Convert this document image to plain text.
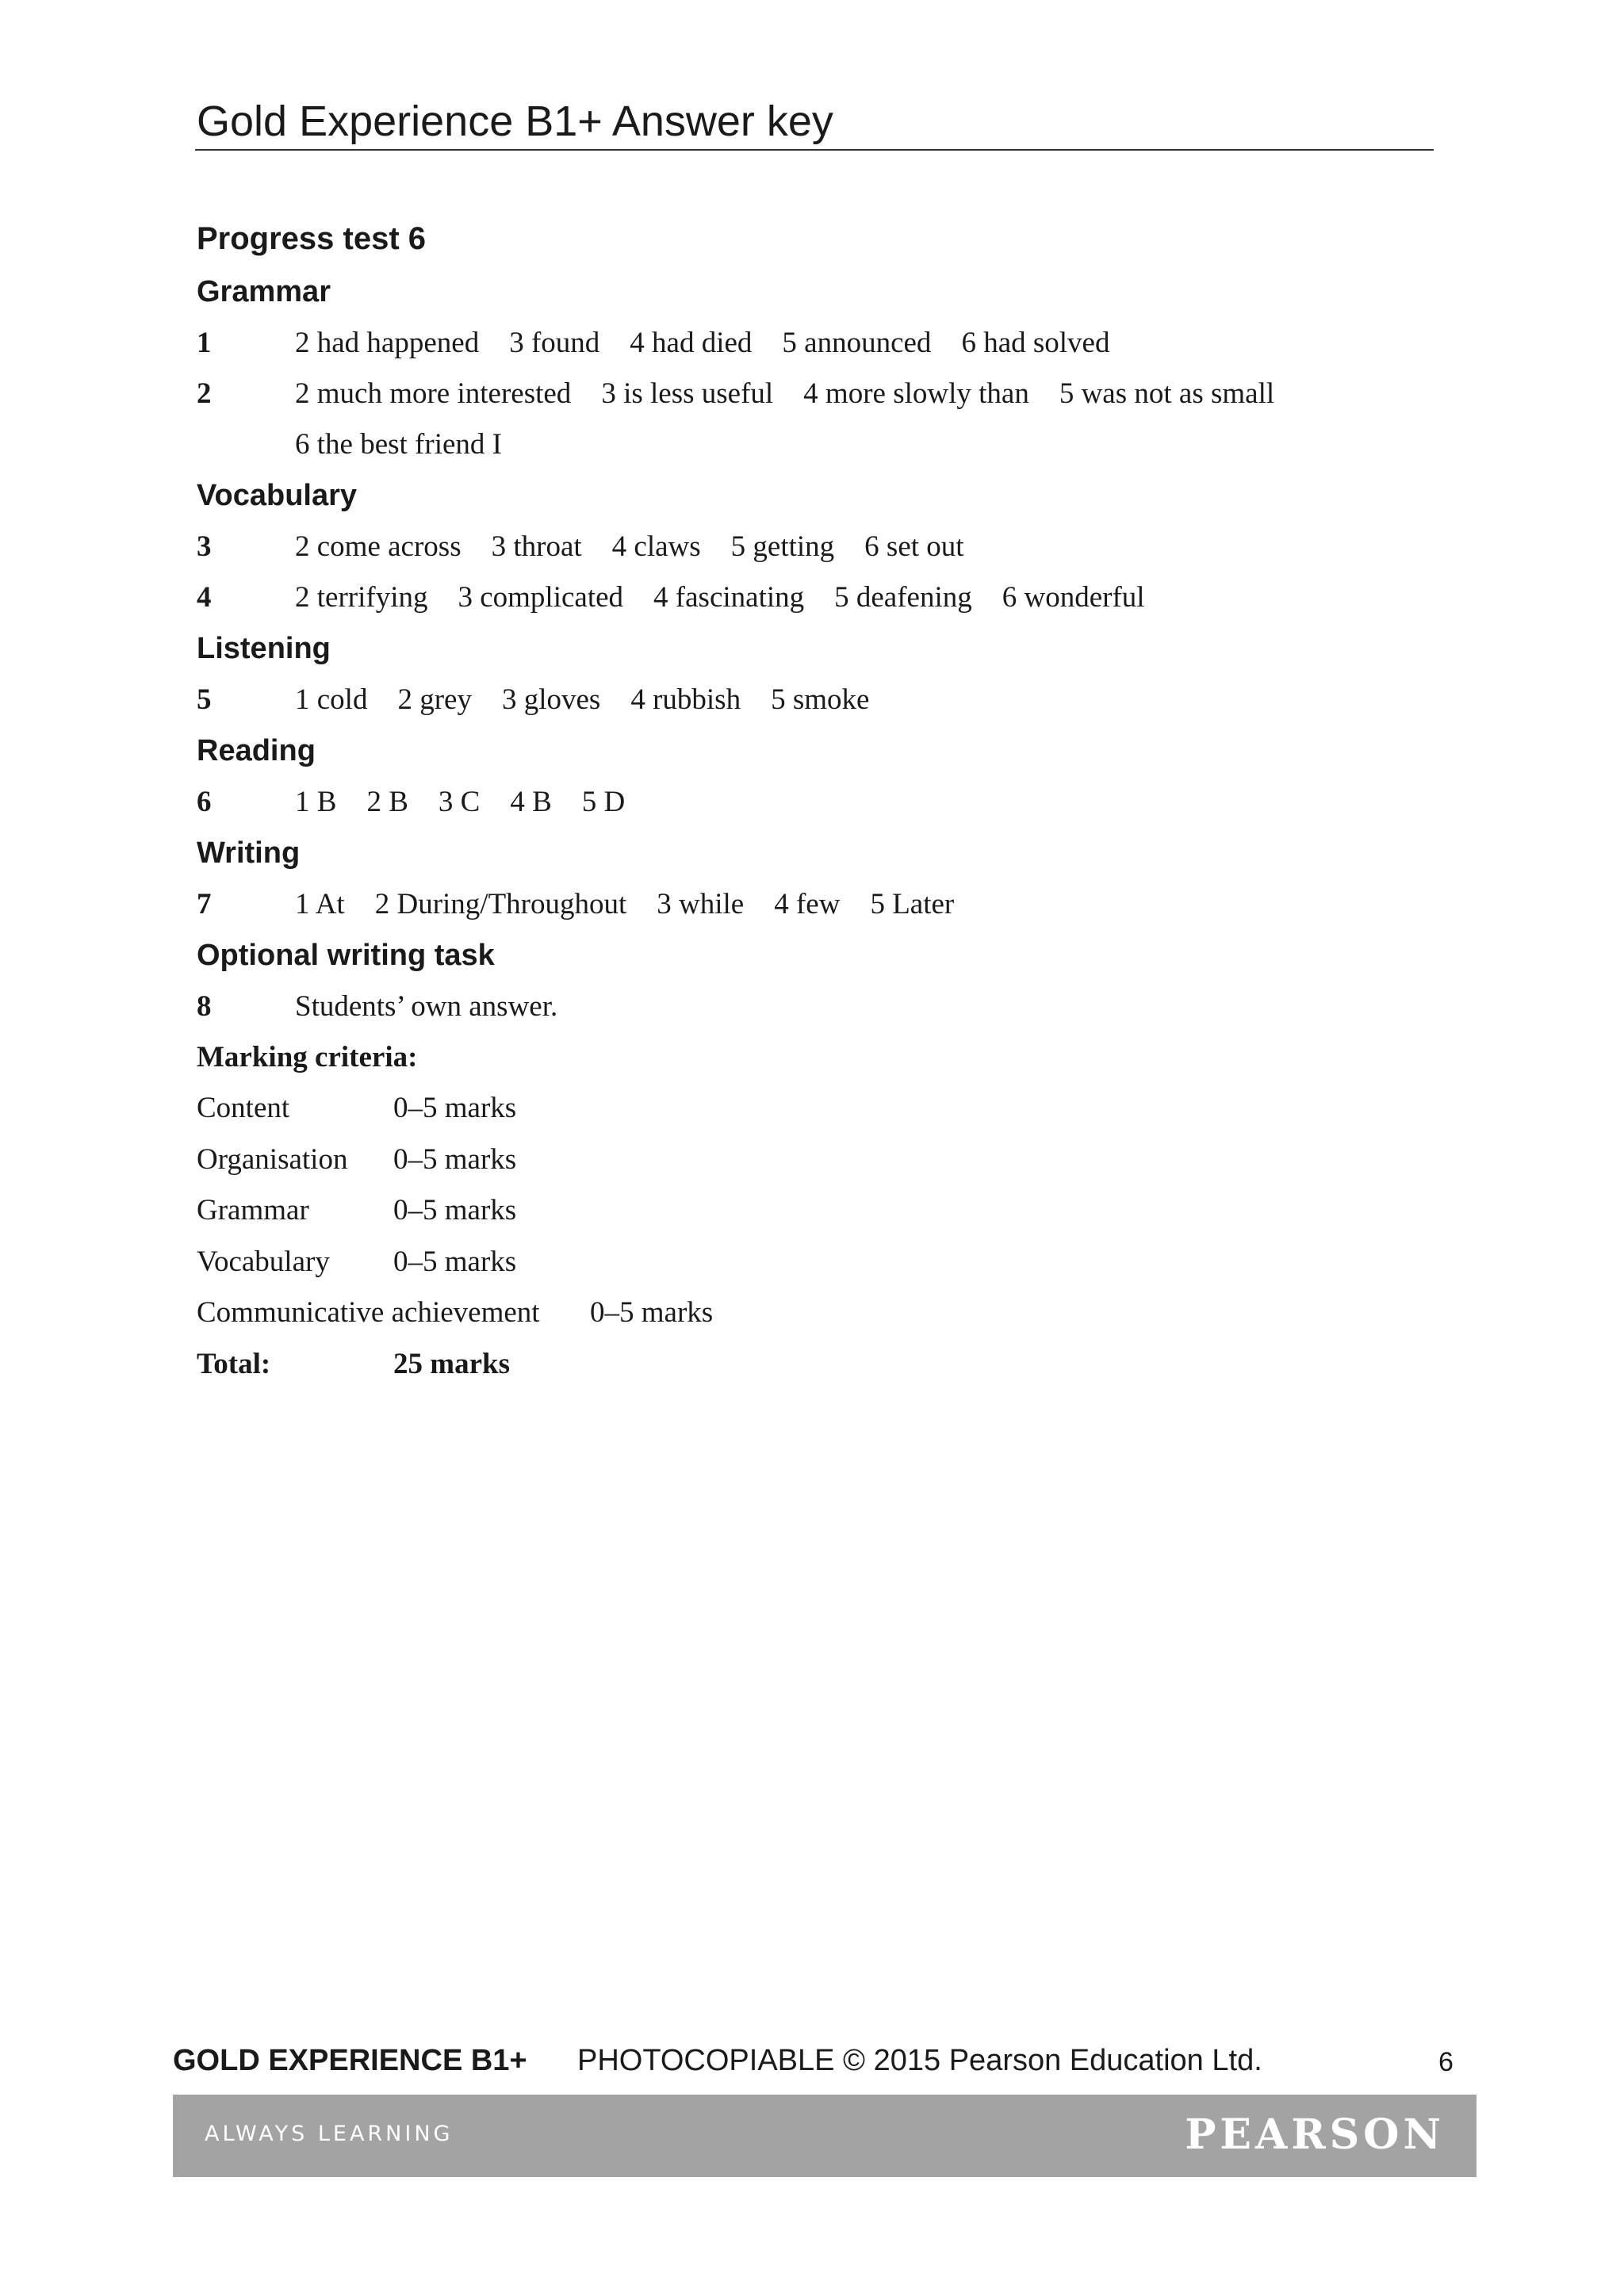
Gold Experience B1+ Answer key
Progress test 6
Grammar
1	2 had happened 3 found 4 had died 5 announced 6 had solved
2	2 much more interested 3 is less useful 4 more slowly than 5 was not as small
6 the best friend I
Vocabulary
3	2 come across 3 throat 4 claws 5 getting 6 set out
4	2 terrifying 3 complicated 4 fascinating 5 deafening 6 wonderful
Listening
5	1 cold 2 grey 3 gloves 4 rubbish 5 smoke
Reading
6	1 B 2 B 3 C 4 B 5 D
Writing
7	1 At 2 During/Throughout 3 while 4 few 5 Later
Optional writing task
8	Students’ own answer.
Marking criteria:
Content	0–5 marks
Organisation 0–5 marks
Grammar	0–5 marks
Vocabulary 0–5 marks
Communicative achievement 0–5 marks
Total:	25 marks
GOLD EXPERIENCE B1+ PHOTOCOPIABLE © 2015 Pearson Education Ltd.	6
ALWAYS LEARNING	PEARSON
